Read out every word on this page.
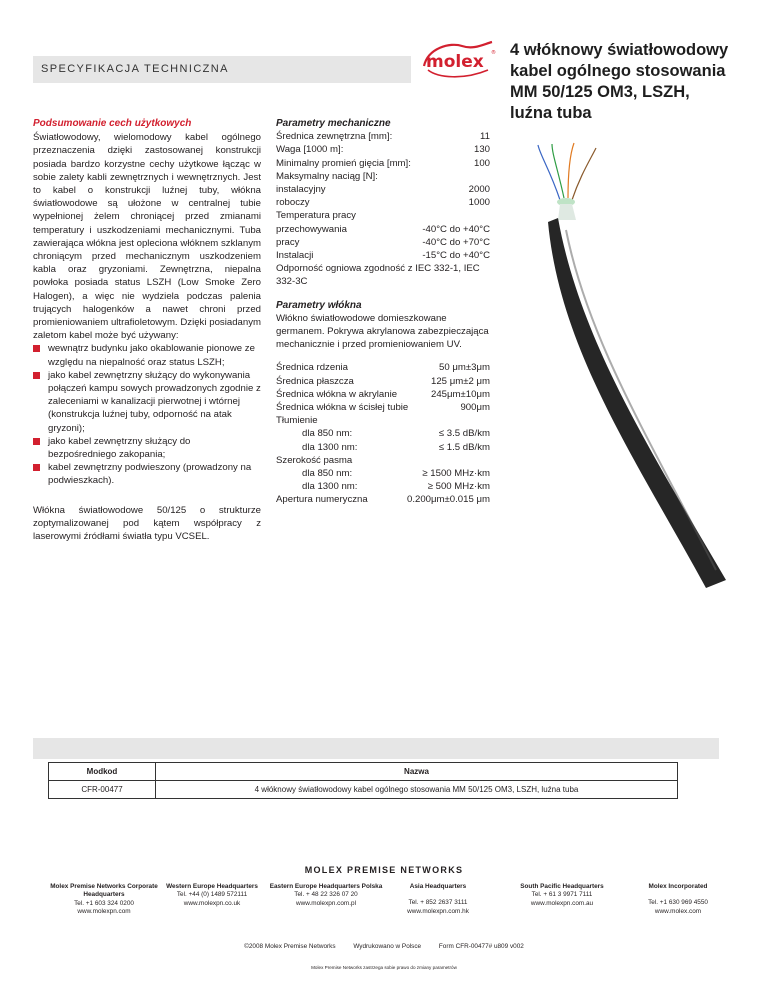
SPECYFIKACJA TECHNICZNA	molex ® 4 włóknowy światłowodowy
kabel ogólnego stosowania
MM 50/125 OM3, LSZH,
luźna tuba
Podsumowanie cech użytkowych
Światłowodowy, wielomodowy kabel ogólnego przeznaczenia dzięki zastosowanej konstrukcji posiada bardzo korzystne cechy użytkowe łącząc w sobie zalety kabli zewnętrznych i wewnętrznych. Jest to kabel o konstrukcji luźnej tuby, włókna światłowodowe są ułożone w centralnej tubie wypełnionej żelem chroniącej przed zmianami temperatury i uszkodzeniami mechanicznymi. Tuba zawierająca włókna jest opleciona włóknem szklanym chroniącym przed mechanicznym uszkodzeniem kabla oraz gryzoniami. Zewnętrzna, niepalna powłoka posiada status LSZH (Low Smoke Zero Halogen), a więc nie wydziela podczas palenia trujących halogenków a nawet chroni przed promieniowaniem ultrafioletowym. Dzięki posiadanym zaletom kabel może być używany:
wewnątrz budynku jako okablowanie pionowe ze względu na niepalność oraz status LSZH;
jako kabel zewnętrzny służący do wykonywania połączeń kampu sowych prowadzonych zgodnie z zaleceniami w kanalizacji pierwotnej i wtórnej (konstrukcja luźnej tuby, odporność na atak gryzoni);
jako kabel zewnętrzny służący do bezpośredniego zakopania;
kabel zewnętrzny podwieszony (prowadzony na podwieszkach).
Włókna światłowodowe 50/125 o strukturze zoptymalizowanej pod kątem współpracy z laserowymi źródłami światła typu VCSEL.
Parametry mechaniczne
Średnica zewnętrzna [mm]:	11
Waga [1000 m]:	130
Minimalny promień gięcia [mm]:	100
Maksymalny naciąg [N]:
instalacyjny	2000
roboczy	1000
Temperatura pracy
przechowywania	-40°C do +40°C
pracy	-40°C do +70°C
Instalacji	-15°C do +40°C
Odporność ogniowa zgodność z IEC 332-1, IEC 332-3C
Parametry włókna
Włókno światłowodowe domieszkowane germanem. Pokrywa akrylanowa zabezpieczająca mechanicznie i przed promieniowaniem UV.
Średnica rdzenia	50 μm±3μm
Średnica płaszcza	125 μm±2 μm
Średnica włókna w akrylanie	245μm±10μm
Średnica włókna w ścisłej tubie	900μm
Tłumienie
dla 850 nm:	≤ 3.5 dB/km
dla 1300 nm:	≤ 1.5 dB/km
Szerokość pasma
dla 850 nm:	≥ 1500 MHz·km
dla 1300 nm:	≥ 500 MHz·km
Apertura numeryczna	0.200μm±0.015 μm
Modkod	Nazwa
CFR-00477	4 włóknowy światłowodowy kabel ogólnego stosowania MM 50/125 OM3, LSZH, luźna tuba
MOLEX PREMISE NETWORKS
Molex Premise Networks Corporate Headquarters
Tel. +1 603 324 0200
www.molexpn.com
Western Europe Headquarters
Tel. +44 (0) 1489 572111
www.molexpn.co.uk
Eastern Europe Headquarters Polska
Tel. + 48 22 326 07 20
www.molexpn.com.pl
Asia Headquarters
Tel. + 852 2637 3111
www.molexpn.com.hk
South Pacific Headquarters
Tel. + 61 3 9971 7111
www.molexpn.com.au
Molex Incorporated
Tel. +1 630 969 4550
www.molex.com
©2008 Molex Premise Networks	Wydrukowano w Polsce	Form CFR-00477# u809 v002
Molex Premise Networks zastrzega sobie prawo do zmiany parametrów
